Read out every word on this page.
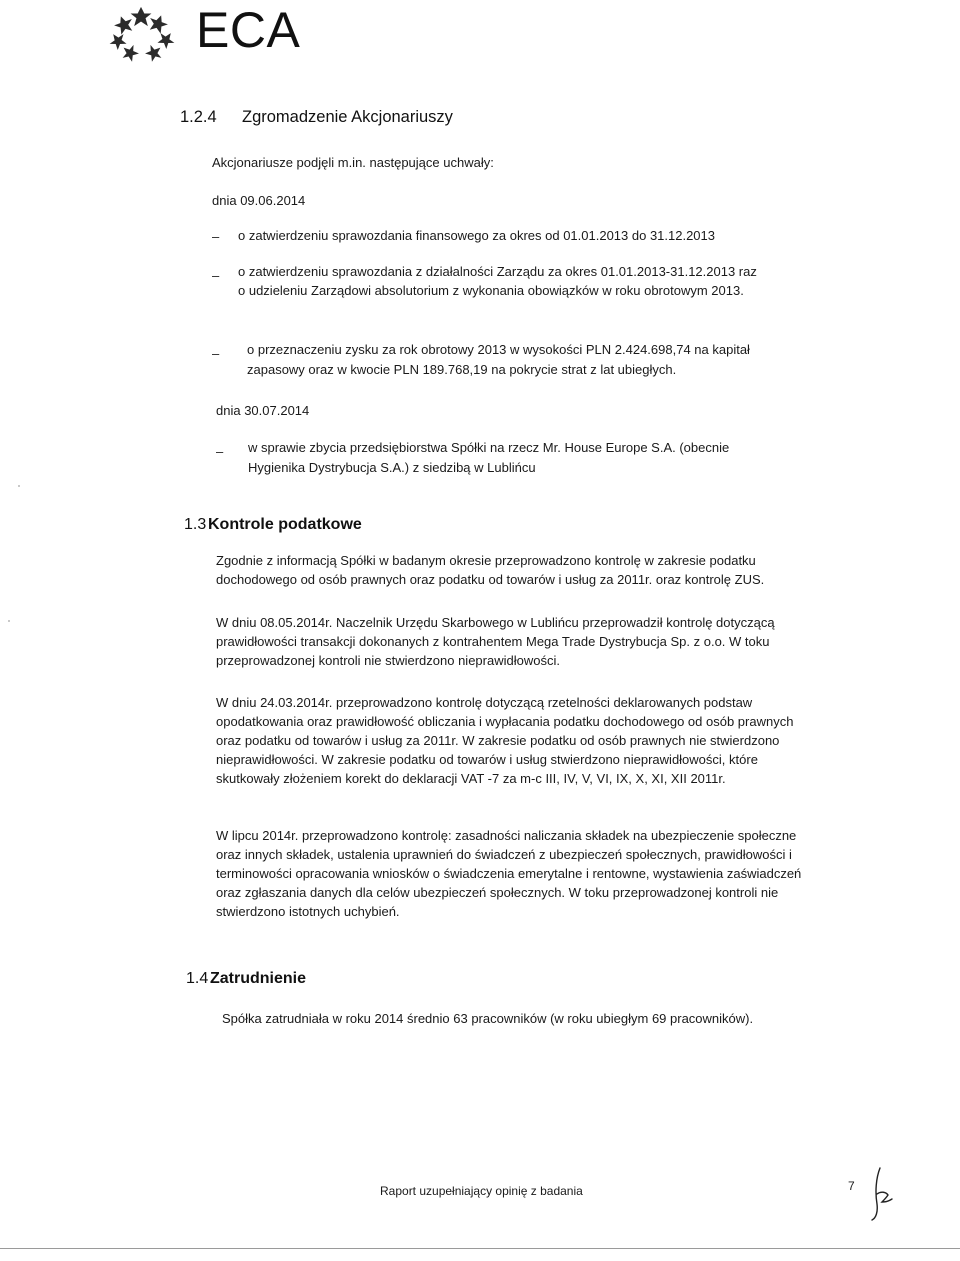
ECA
1.2.4 Zgromadzenie Akcjonariuszy
Akcjonariusze podjęli m.in. następujące uchwały:
dnia 09.06.2014
– o zatwierdzeniu sprawozdania finansowego za okres od 01.01.2013 do 31.12.2013
– o zatwierdzeniu sprawozdania z działalności Zarządu za okres 01.01.2013-31.12.2013 raz
o udzieleniu Zarządowi absolutorium z wykonania obowiązków w roku obrotowym 2013.
– o przeznaczeniu zysku za rok obrotowy 2013 w wysokości PLN 2.424.698,74 na kapitał
zapasowy oraz w kwocie PLN 189.768,19 na pokrycie strat z lat ubiegłych.
dnia 30.07.2014
– w sprawie zbycia przedsiębiorstwa Spółki na rzecz Mr. House Europe S.A. (obecnie
Hygienika Dystrybucja S.A.) z siedzibą w Lublińcu
1.3 Kontrole podatkowe
Zgodnie z informacją Spółki w badanym okresie przeprowadzono kontrolę w zakresie podatku
dochodowego od osób prawnych oraz podatku od towarów i usług za 2011r. oraz kontrolę ZUS.
W dniu 08.05.2014r. Naczelnik Urzędu Skarbowego w Lublińcu przeprowadził kontrolę dotyczącą
prawidłowości transakcji dokonanych z kontrahentem Mega Trade Dystrybucja Sp. z o.o. W toku
przeprowadzonej kontroli nie stwierdzono nieprawidłowości.
W dniu 24.03.2014r. przeprowadzono kontrolę dotyczącą rzetelności deklarowanych podstaw
opodatkowania oraz prawidłowość obliczania i wypłacania podatku dochodowego od osób prawnych
oraz podatku od towarów i usług za 2011r. W zakresie podatku od osób prawnych nie stwierdzono
nieprawidłowości. W zakresie podatku od towarów i usług stwierdzono nieprawidłowości, które
skutkowały złożeniem korekt do deklaracji VAT -7 za m-c III, IV, V, VI, IX, X, XI, XII 2011r.
W lipcu 2014r. przeprowadzono kontrolę: zasadności naliczania składek na ubezpieczenie społeczne
oraz innych składek, ustalenia uprawnień do świadczeń z ubezpieczeń społecznych, prawidłowości i
terminowości opracowania wniosków o świadczenia emerytalne i rentowne, wystawienia zaświadczeń
oraz zgłaszania danych dla celów ubezpieczeń społecznych. W toku przeprowadzonej kontroli nie
stwierdzono istotnych uchybień.
1.4 Zatrudnienie
Spółka zatrudniała w roku 2014 średnio 63 pracowników (w roku ubiegłym 69 pracowników).
Raport uzupełniający opinię z badania	7
